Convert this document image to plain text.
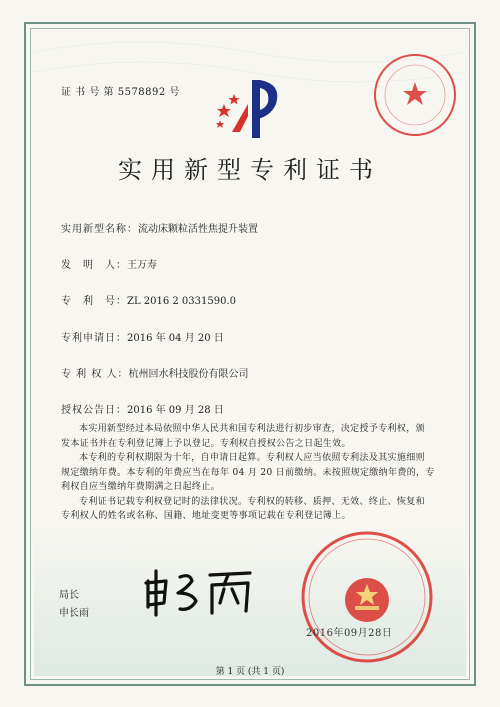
证 书 号 第 5578892 号
实用新型专利证书
实用新型名称：流动床颗粒活性焦提升装置
发　明　人：王万寿
专　利　号：ZL 2016 2 0331590.0
专利申请日：2016 年 04 月 20 日
专 利 权 人：杭州回水科技股份有限公司
授权公告日：2016 年 09 月 28 日

本实用新型经过本局依照中华人民共和国专利法进行初步审查，决定授予专利权，颁

发本证书并在专利登记簿上予以登记。专利权自授权公告之日起生效。

本专利的专利权期限为十年，自申请日起算。专利权人应当依照专利法及其实施细则

规定缴纳年费。本专利的年费应当在每年 04 月 20 日前缴纳。未按照规定缴纳年费的，专

利权自应当缴纳年费期满之日起终止。

专利证书记载专利权登记时的法律状况。专利权的转移、质押、无效、终止、恢复和

专利权人的姓名或名称、国籍、地址变更等事项记载在专利登记簿上。

局长
申长雨
2016年09月28日
第 1 页 (共 1 页)
